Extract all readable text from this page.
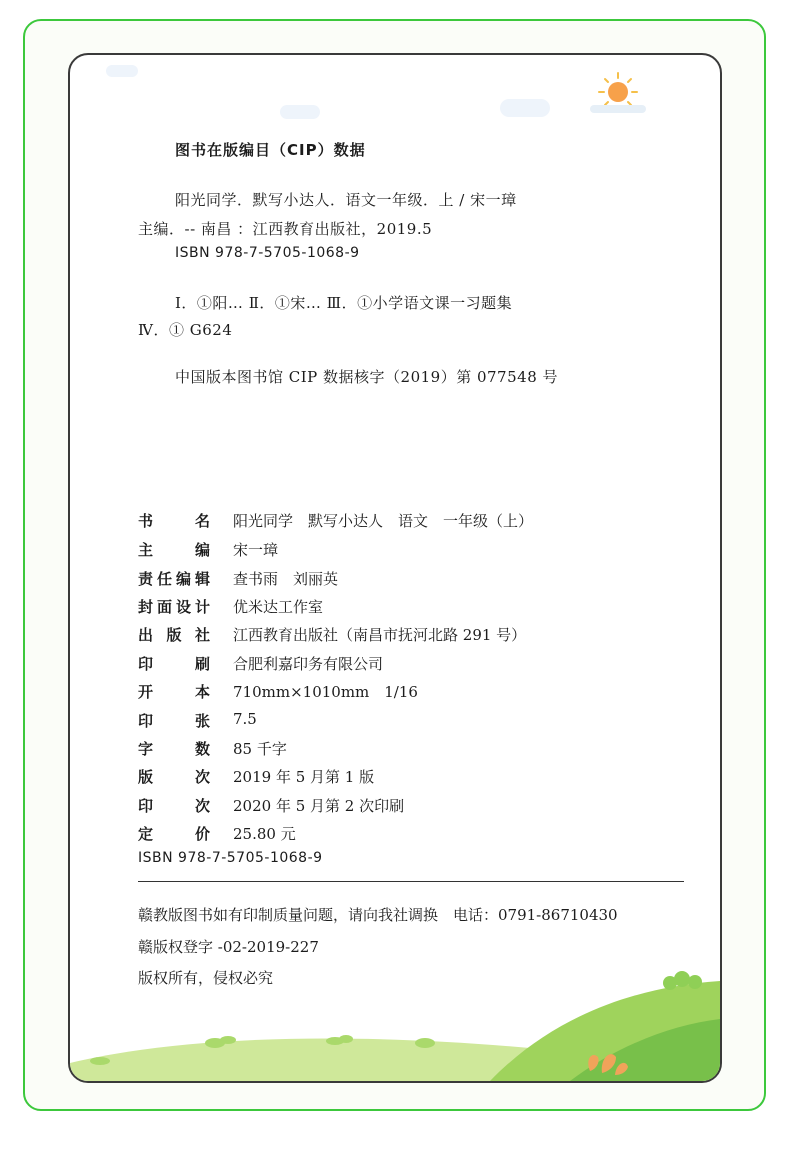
图书在版编目（CIP）数据
阳光同学．默写小达人．语文一年级．上 / 宋一璋
主编．-- 南昌 ：江西教育出版社，2019.5
ISBN 978-7-5705-1068-9
Ⅰ．①阳… Ⅱ．①宋… Ⅲ．①小学语文课一习题集
Ⅳ．① G624
中国版本图书馆 CIP 数据核字（2019）第 077548 号
书名 阳光同学　默写小达人　语文　一年级（上）
主编 宋一璋
责任编辑 查书雨　刘丽英
封面设计 优米达工作室
出版社 江西教育出版社（南昌市抚河北路 291 号）
印刷 合肥利嘉印务有限公司
开本 710mm×1010mm　1/16
印张 7.5
字数 85 千字
版次 2019 年 5 月第 1 版
印次 2020 年 5 月第 2 次印刷
定价 25.80 元
ISBN 978-7-5705-1068-9
赣教版图书如有印制质量问题，请向我社调换　电话：0791-86710430
赣版权登字 -02-2019-227
版权所有，侵权必究
